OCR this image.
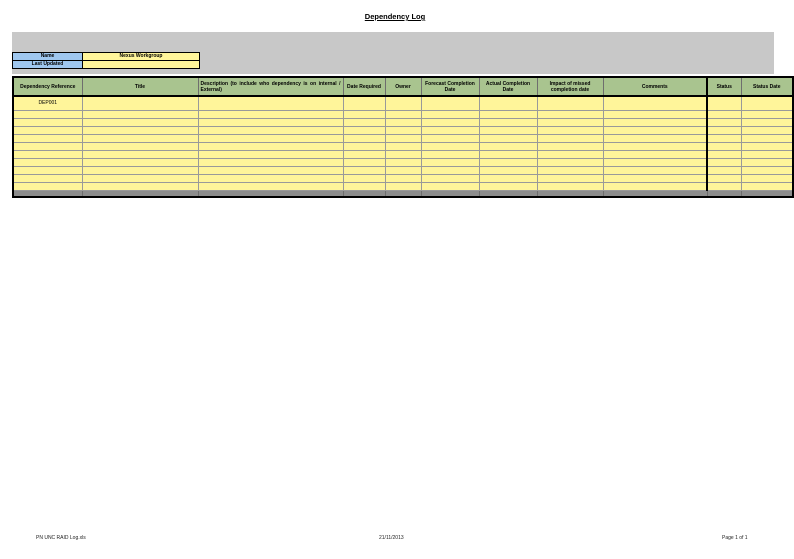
Dependency Log
Name	Nexus Workgroup
Last Updated	
Dependency Reference	Title	Description (to include who dependency is on internal / External)	Date Required	Owner	Forecast Completion Date	Actual Completion Date	Impact of missed completion date	Comments	Status	Status Date
DEP001										

PN UNC RAID Log.xls	21/11/2013	Page 1 of 1
